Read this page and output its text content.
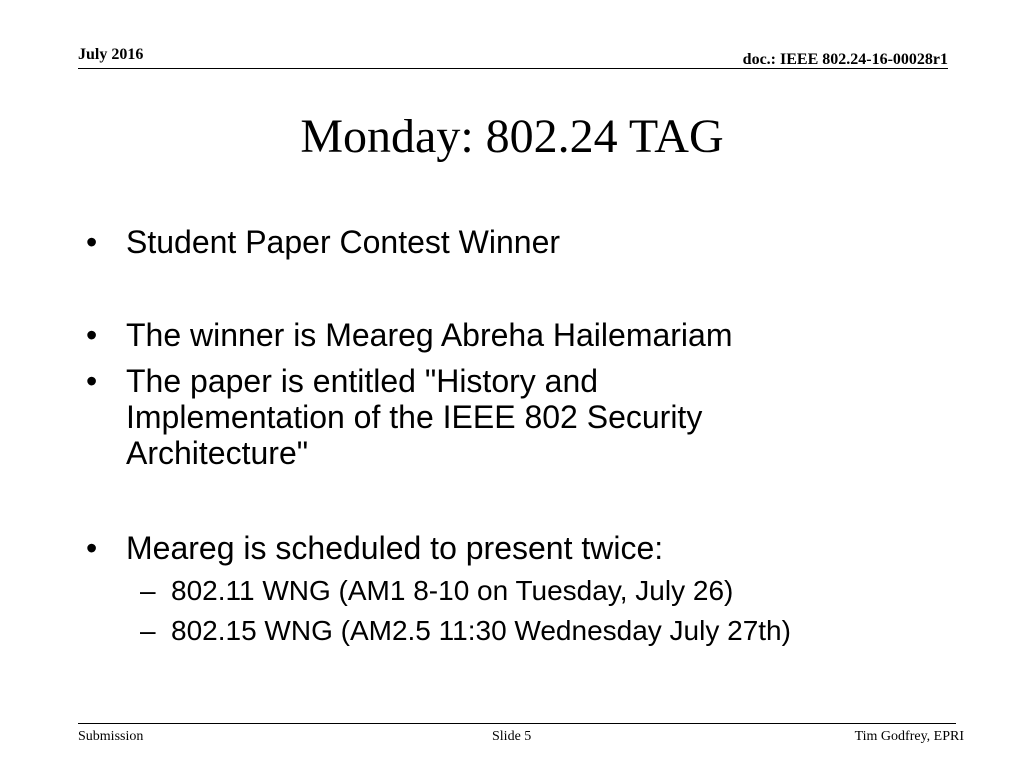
July 2016	doc.: IEEE 802.24-16-00028r1
Monday: 802.24 TAG
• Student Paper Contest Winner
• The winner is Meareg Abreha Hailemariam
• The paper is entitled "History and
Implementation of the IEEE 802 Security
Architecture"
• Meareg is scheduled to present twice:
– 802.11 WNG (AM1 8-10 on Tuesday, July 26)
– 802.15 WNG (AM2.5 11:30 Wednesday July 27th)
Submission	Slide 5	Tim Godfrey, EPRI
